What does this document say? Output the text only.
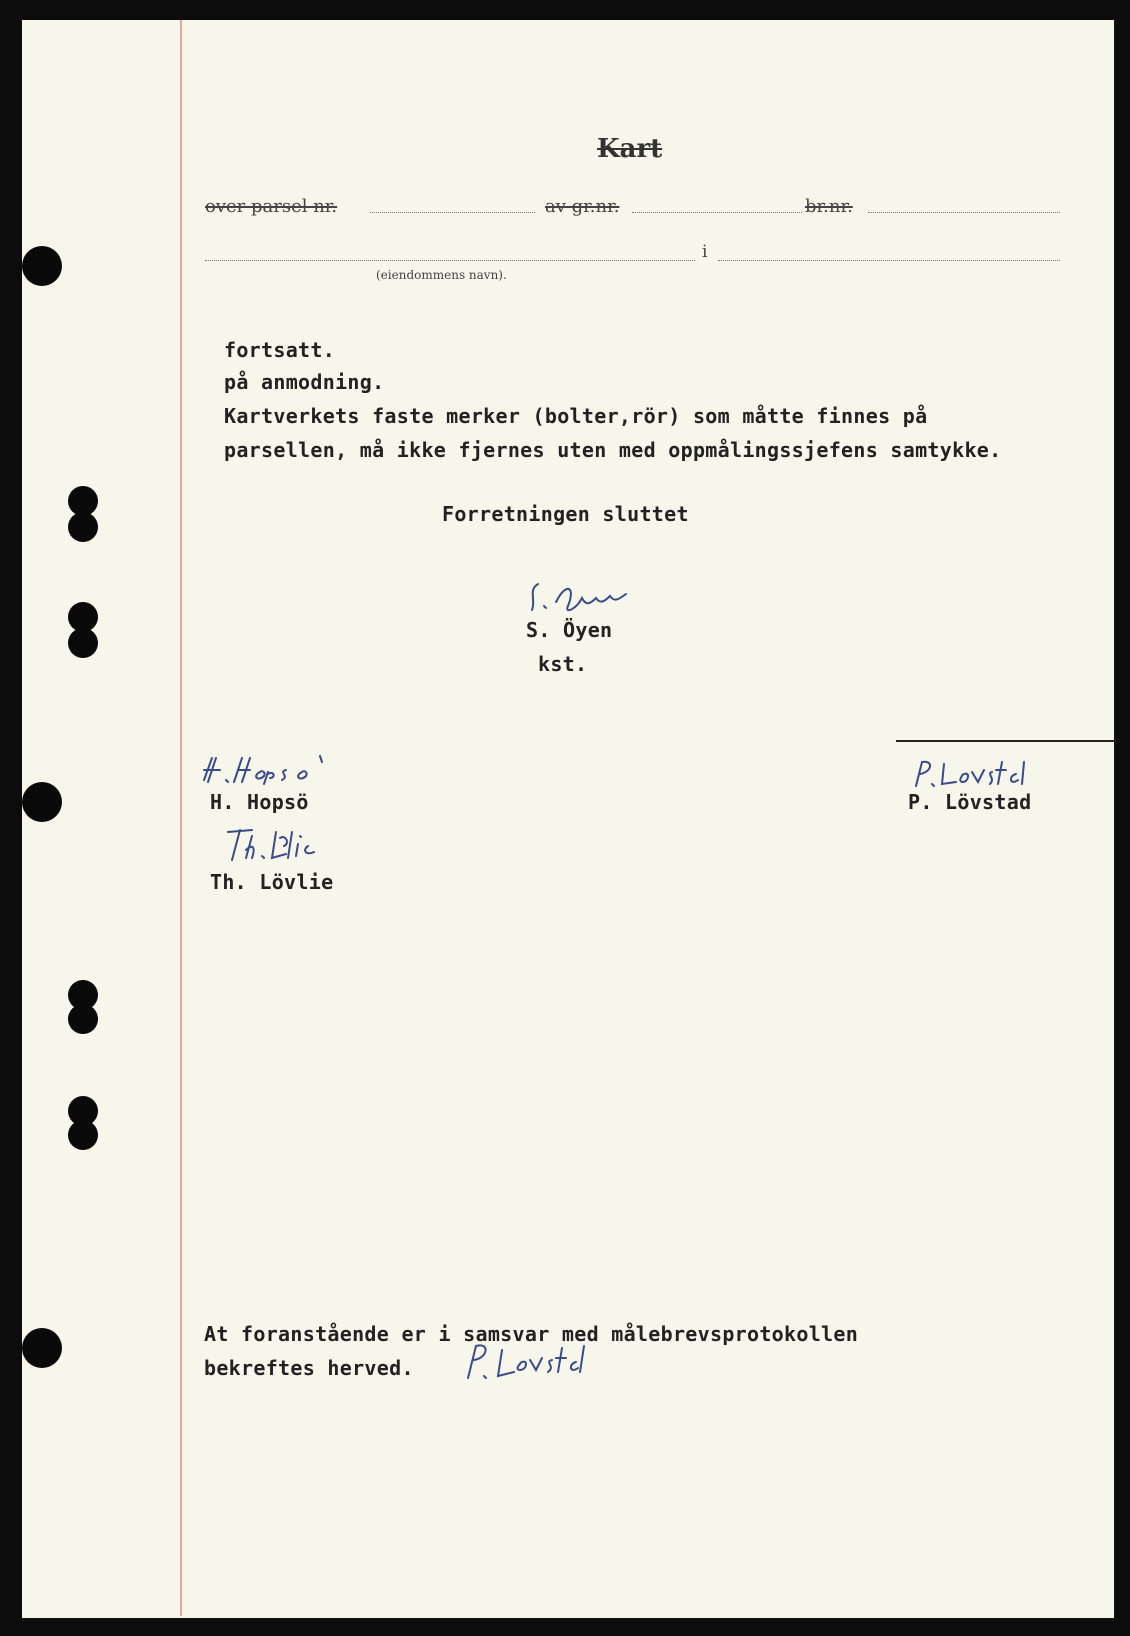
Kart
over parsel nr.	av gr.nr.	br.nr.
i
(eiendommens navn).
fortsatt.
på anmodning.
Kartverkets faste merker (bolter,rör) som måtte finnes på
parsellen, må ikke fjernes uten med oppmålingssjefens samtykke.
Forretningen sluttet
S. Öyen
kst.
P. Lövstad
H. Hopsö
Th. Lövlie
At foranstående er i samsvar med målebrevsprotokollen
bekreftes herved.
